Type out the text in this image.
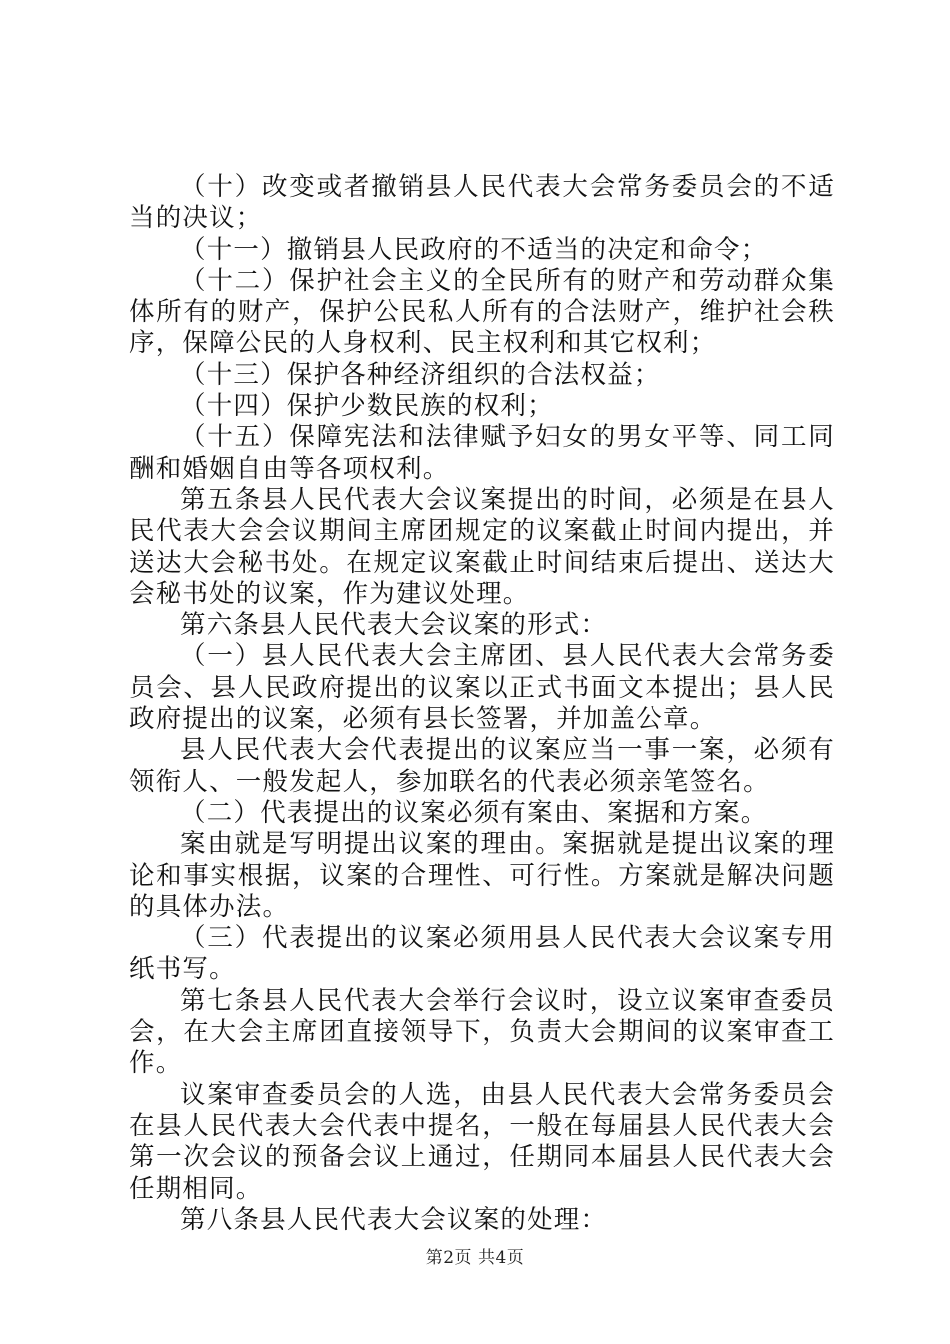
（十）改变或者撤销县人民代表大会常务委员会的不适当的决议；

（十一）撤销县人民政府的不适当的决定和命令；

（十二）保护社会主义的全民所有的财产和劳动群众集体所有的财产，保护公民私人所有的合法财产，维护社会秩序，保障公民的人身权利、民主权利和其它权利；

（十三）保护各种经济组织的合法权益；

（十四）保护少数民族的权利；

（十五）保障宪法和法律赋予妇女的男女平等、同工同酬和婚姻自由等各项权利。

第五条县人民代表大会议案提出的时间，必须是在县人民代表大会会议期间主席团规定的议案截止时间内提出，并送达大会秘书处。在规定议案截止时间结束后提出、送达大会秘书处的议案，作为建议处理。

第六条县人民代表大会议案的形式：

（一）县人民代表大会主席团、县人民代表大会常务委员会、县人民政府提出的议案以正式书面文本提出；县人民政府提出的议案，必须有县长签署，并加盖公章。

县人民代表大会代表提出的议案应当一事一案，必须有领衔人、一般发起人，参加联名的代表必须亲笔签名。

（二）代表提出的议案必须有案由、案据和方案。

案由就是写明提出议案的理由。案据就是提出议案的理论和事实根据，议案的合理性、可行性。方案就是解决问题的具体办法。

（三）代表提出的议案必须用县人民代表大会议案专用纸书写。

第七条县人民代表大会举行会议时，设立议案审查委员会，在大会主席团直接领导下，负责大会期间的议案审查工作。

议案审查委员会的人选，由县人民代表大会常务委员会在县人民代表大会代表中提名，一般在每届县人民代表大会第一次会议的预备会议上通过，任期同本届县人民代表大会任期相同。

第八条县人民代表大会议案的处理：

第2页 共4页
